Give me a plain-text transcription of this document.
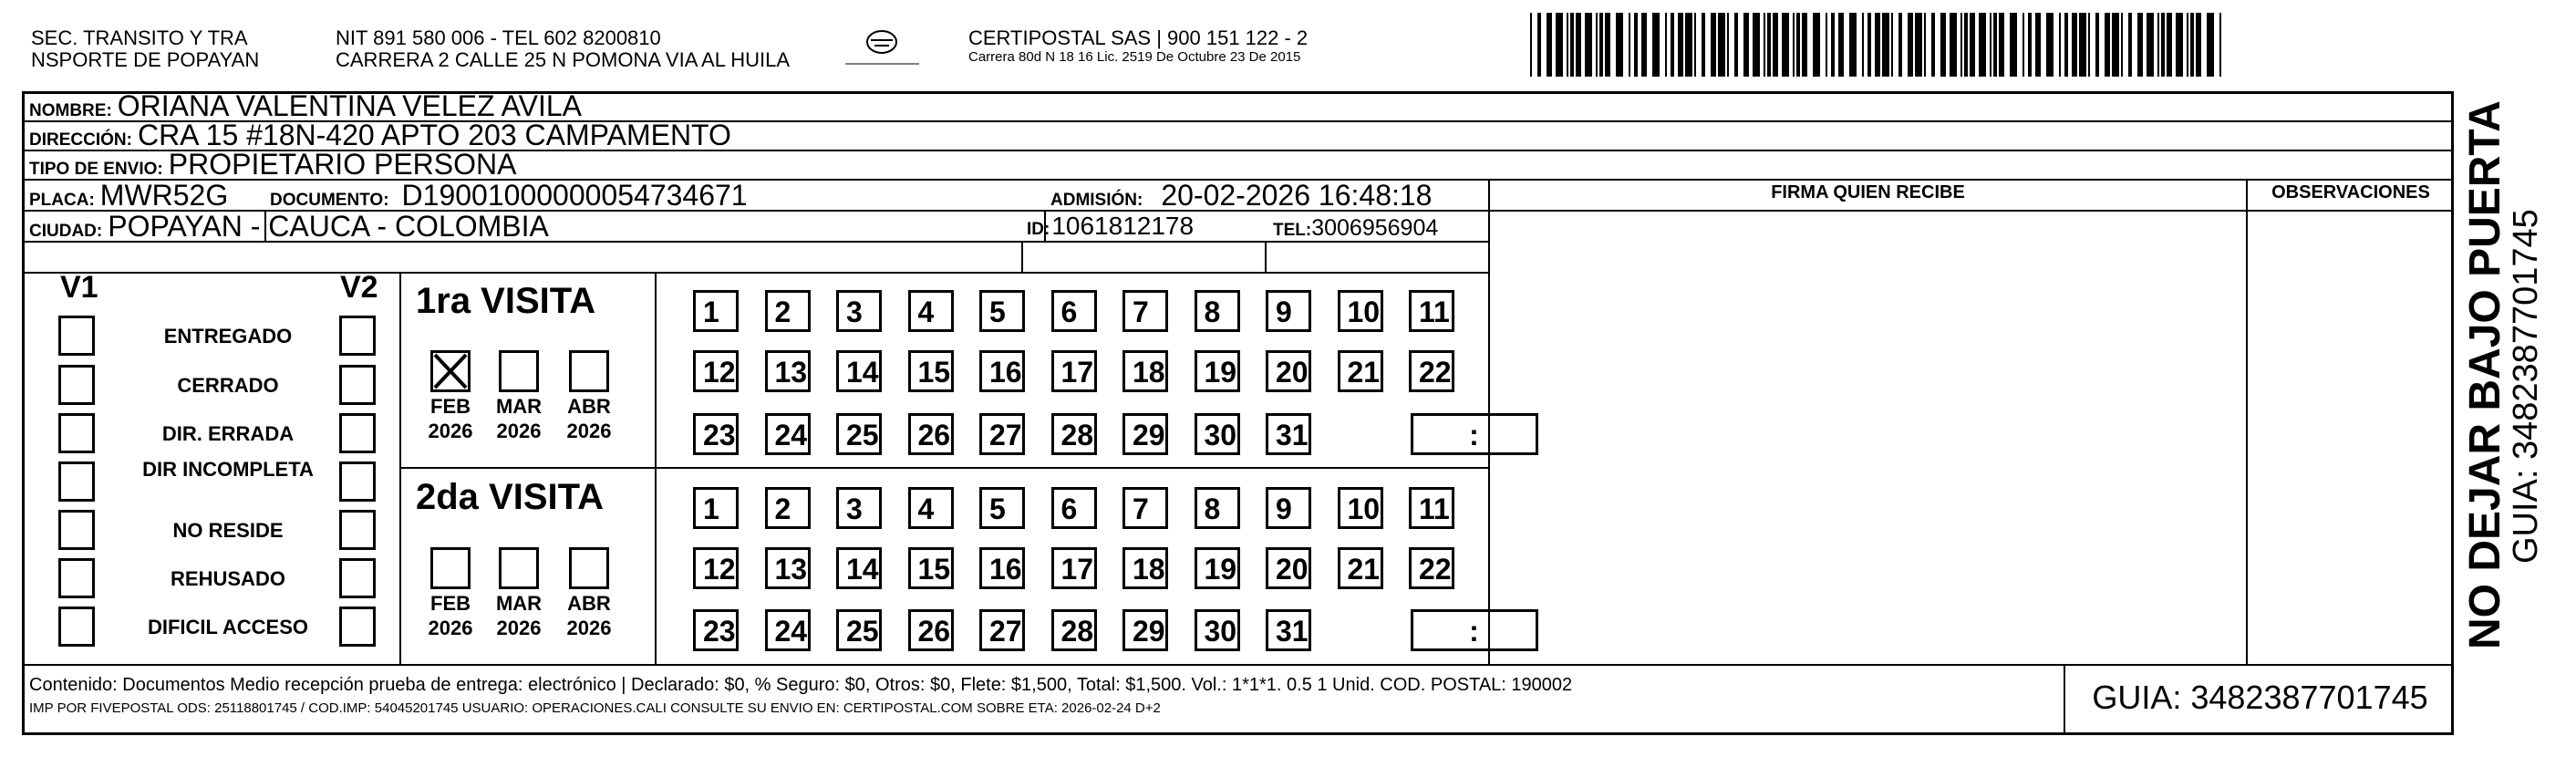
SEC. TRANSITO Y TRA
NSPORTE DE POPAYAN
NIT 891 580 006 - TEL 602 8200810
CARRERA 2 CALLE 25 N POMONA VIA AL HUILA
CERTIPOSTAL SAS | 900 151 122 - 2
Carrera 80d N 18 16 Lic. 2519 De Octubre 23 De 2015
NOMBRE: ORIANA VALENTINA VELEZ AVILA
DIRECCIÓN: CRA 15 #18N-420 APTO 203 CAMPAMENTO
TIPO DE ENVIO: PROPIETARIO PERSONA
PLACA: MWR52G DOCUMENTO: D19001000000054734671	ADMISIÓN: 20-02-2026 16:48:18
CIUDAD: POPAYAN - CAUCA - COLOMBIA	ID:1061812178	TEL:3006956904
FIRMA QUIEN RECIBE	OBSERVACIONES
V1	V2
ENTREGADO
CERRADO
DIR. ERRADA
DIR INCOMPLETA
NO RESIDE
REHUSADO
DIFICIL ACCESO
1ra VISITA
2da VISITA
FEB
2026
MAR
2026
ABR
2026
FEB
2026
MAR
2026
ABR
2026
1	2	3	4	5	6	7	8	9	10	11
12	13	14	15	16	17	18	19	20	21	22
23	24	25	26	27	28	29	30	31	:
1	2	3	4	5	6	7	8	9	10	11
12	13	14	15	16	17	18	19	20	21	22
23	24	25	26	27	28	29	30	31	:
Contenido: Documentos Medio recepción prueba de entrega: electrónico | Declarado: $0, % Seguro: $0, Otros: $0, Flete: $1,500, Total: $1,500. Vol.: 1*1*1. 0.5 1 Unid. COD. POSTAL: 190002
IMP POR FIVEPOSTAL ODS: 25118801745 / COD.IMP: 54045201745 USUARIO: OPERACIONES.CALI CONSULTE SU ENVIO EN: CERTIPOSTAL.COM SOBRE ETA: 2026-02-24 D+2	GUIA: 3482387701745
NO DEJAR BAJO PUERTA
GUIA: 3482387701745
